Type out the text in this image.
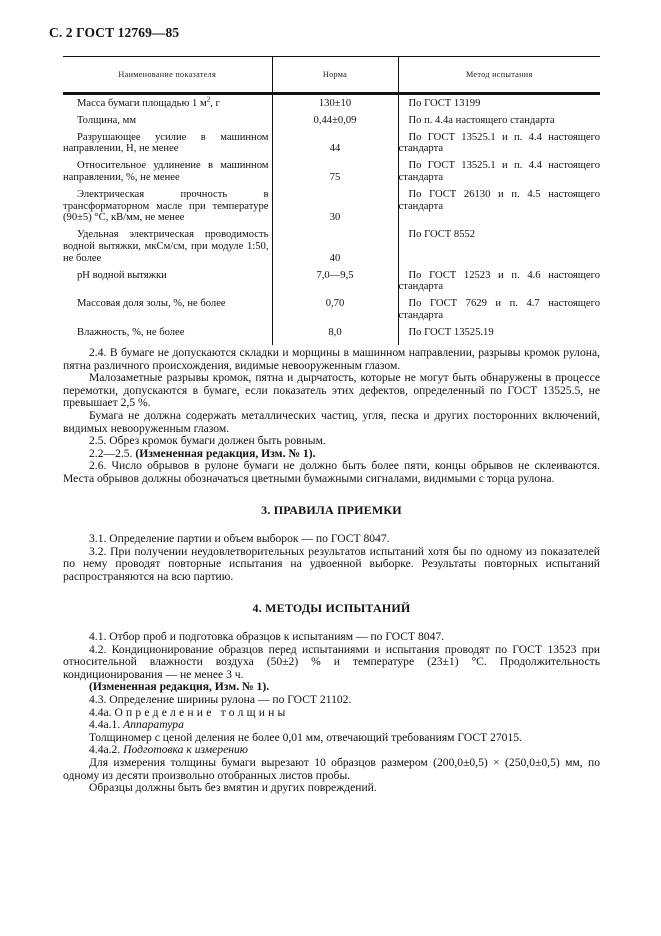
С. 2 ГОСТ 12769—85
Наименование показателя	Норма	Метод испытания
Масса бумаги площадью 1 $м^2$, г	130±10	По ГОСТ 13199
Толщина, мм	0,44±0,09	По п. 4.4а настоящего стандарта
Разрушающее усилие в машинном направлении, Н, не менее	44	По ГОСТ 13525.1 и п. 4.4 настоящего стандарта
Относительное удлинение в машинном направлении, %, не менее	75	По ГОСТ 13525.1 и п. 4.4 настоящего стандарта
Электрическая прочность в трансформаторном масле при температуре (90±5) °С, кВ/мм, не менее	30	По ГОСТ 26130 и п. 4.5 настоящего стандарта
Удельная электрическая проводимость водной вытяжки, мкСм/см, при модуле 1:50, не более	40	По ГОСТ 8552
pH водной вытяжки	7,0—9,5	По ГОСТ 12523 и п. 4.6 настоящего стандарта
Массовая доля золы, %, не более	0,70	По ГОСТ 7629 и п. 4.7 настоящего стандарта
Влажность, %, не более	8,0	По ГОСТ 13525.19

2.4. В бумаге не допускаются складки и морщины в машинном направлении, разрывы кромок рулона, пятна различного происхождения, видимые невооруженным глазом.

Малозаметные разрывы кромок, пятна и дырчатость, которые не могут быть обнаружены в процессе перемотки, допускаются в бумаге, если показатель этих дефектов, определенный по ГОСТ 13525.5, не превышает 2,5 %.

Бумага не должна содержать металлических частиц, угля, песка и других посторонних включений, видимых невооруженным глазом.

2.5. Обрез кромок бумаги должен быть ровным.

2.2—2.5. (Измененная редакция, Изм. № 1).

2.6. Число обрывов в рулоне бумаги не должно быть более пяти, концы обрывов не склеиваются. Места обрывов должны обозначаться цветными бумажными сигналами, видимыми с торца рулона.

3. ПРАВИЛА ПРИЕМКИ

3.1. Определение партии и объем выборок — по ГОСТ 8047.

3.2. При получении неудовлетворительных результатов испытаний хотя бы по одному из показателей по нему проводят повторные испытания на удвоенной выборке. Результаты повторных испытаний распространяются на всю партию.

4. МЕТОДЫ ИСПЫТАНИЙ

4.1. Отбор проб и подготовка образцов к испытаниям — по ГОСТ 8047.

4.2. Кондиционирование образцов перед испытаниями и испытания проводят по ГОСТ 13523 при относительной влажности воздуха (50±2) % и температуре (23±1) °С. Продолжительность кондиционирования — не менее 3 ч.

(Измененная редакция, Изм. № 1).

4.3. Определение ширины рулона — по ГОСТ 21102.

4.4а. Определение толщины

4.4а.1. Аппаратура

Толщиномер с ценой деления не более 0,01 мм, отвечающий требованиям ГОСТ 27015.

4.4а.2. Подготовка к измерению

Для измерения толщины бумаги вырезают 10 образцов размером (200,0±0,5) × (250,0±0,5) мм, по одному из десяти произвольно отобранных листов пробы.

Образцы должны быть без вмятин и других повреждений.
